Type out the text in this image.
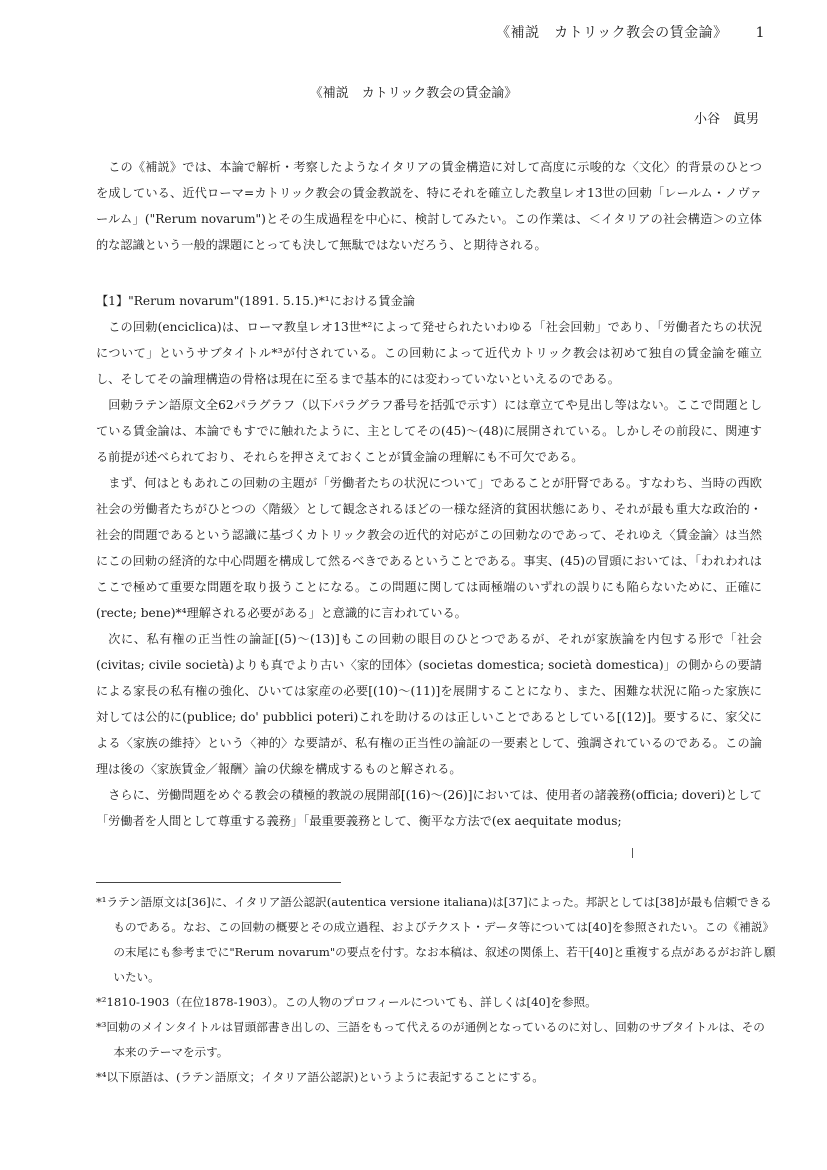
《補説　カトリック教会の賃金論》 1
《補説　カトリック教会の賃金論》
小谷　眞男

この《補説》では、本論で解析・考察したようなイタリアの賃金構造に対して高度に示唆的な〈文化〉的背景のひとつを成している、近代ローマ=カトリック教会の賃金教説を、特にそれを確立した教皇レオ13世の回勅「レールム・ノヴァールム」("Rerum novarum")とその生成過程を中心に、検討してみたい。この作業は、＜イタリアの社会構造＞の立体的な認識という一般的課題にとっても決して無駄ではないだろう、と期待される。

【1】"Rerum novarum"(1891. 5.15.)*¹における賃金論

この回勅(enciclica)は、ローマ教皇レオ13世*²によって発せられたいわゆる「社会回勅」であり、「労働者たちの状況について」というサブタイトル*³が付されている。この回勅によって近代カトリック教会は初めて独自の賃金論を確立し、そしてその論理構造の骨格は現在に至るまで基本的には変わっていないといえるのである。

回勅ラテン語原文全62パラグラフ（以下パラグラフ番号を括弧で示す）には章立てや見出し等はない。ここで問題としている賃金論は、本論でもすでに触れたように、主としてその(45)～(48)に展開されている。しかしその前段に、関連する前提が述べられており、それらを押さえておくことが賃金論の理解にも不可欠である。

まず、何はともあれこの回勅の主題が「労働者たちの状況について」であることが肝腎である。すなわち、当時の西欧社会の労働者たちがひとつの〈階級〉として観念されるほどの一様な経済的貧困状態にあり、それが最も重大な政治的・社会的問題であるという認識に基づくカトリック教会の近代的対応がこの回勅なのであって、それゆえ〈賃金論〉は当然にこの回勅の経済的な中心問題を構成して然るべきであるということである。事実、(45)の冒頭においては、「われわれはここで極めて重要な問題を取り扱うことになる。この問題に関しては両極端のいずれの誤りにも陥らないために、正確に(recte; bene)*⁴理解される必要がある」と意識的に言われている。

次に、私有権の正当性の論証[(5)～(13)]もこの回勅の眼目のひとつであるが、それが家族論を内包する形で「社会(civitas; civile società)よりも真でより古い〈家的団体〉(societas domestica; società domestica)」の側からの要請による家長の私有権の強化、ひいては家産の必要[(10)～(11)]を展開することになり、また、困難な状況に陥った家族に対しては公的に(publice; do' pubblici poteri)これを助けるのは正しいことであるとしている[(12)]。要するに、家父による〈家族の維持〉という〈神的〉な要請が、私有権の正当性の論証の一要素として、強調されているのである。この論理は後の〈家族賃金／報酬〉論の伏線を構成するものと解される。

さらに、労働問題をめぐる教会の積極的教説の展開部[(16)～(26)]においては、使用者の諸義務(officia; doveri)として「労働者を人間として尊重する義務」「最重要義務として、衡平な方法で(ex aequitate modus;

*¹ラテン語原文は[36]に、イタリア語公認訳(autentica versione italiana)は[37]によった。邦訳としては[38]が最も信頼できるものである。なお、この回勅の概要とその成立過程、およびテクスト・データ等については[40]を参照されたい。この《補説》の末尾にも参考までに"Rerum novarum"の要点を付す。なお本稿は、叙述の関係上、若干[40]と重複する点があるがお許し願いたい。

*²1810-1903（在位1878-1903）。この人物のプロフィールについても、詳しくは[40]を参照。

*³回勅のメインタイトルは冒頭部書き出しの、三語をもって代えるのが通例となっているのに対し、回勅のサブタイトルは、その本来のテーマを示す。

*⁴以下原語は、(ラテン語原文；イタリア語公認訳)というように表記することにする。
